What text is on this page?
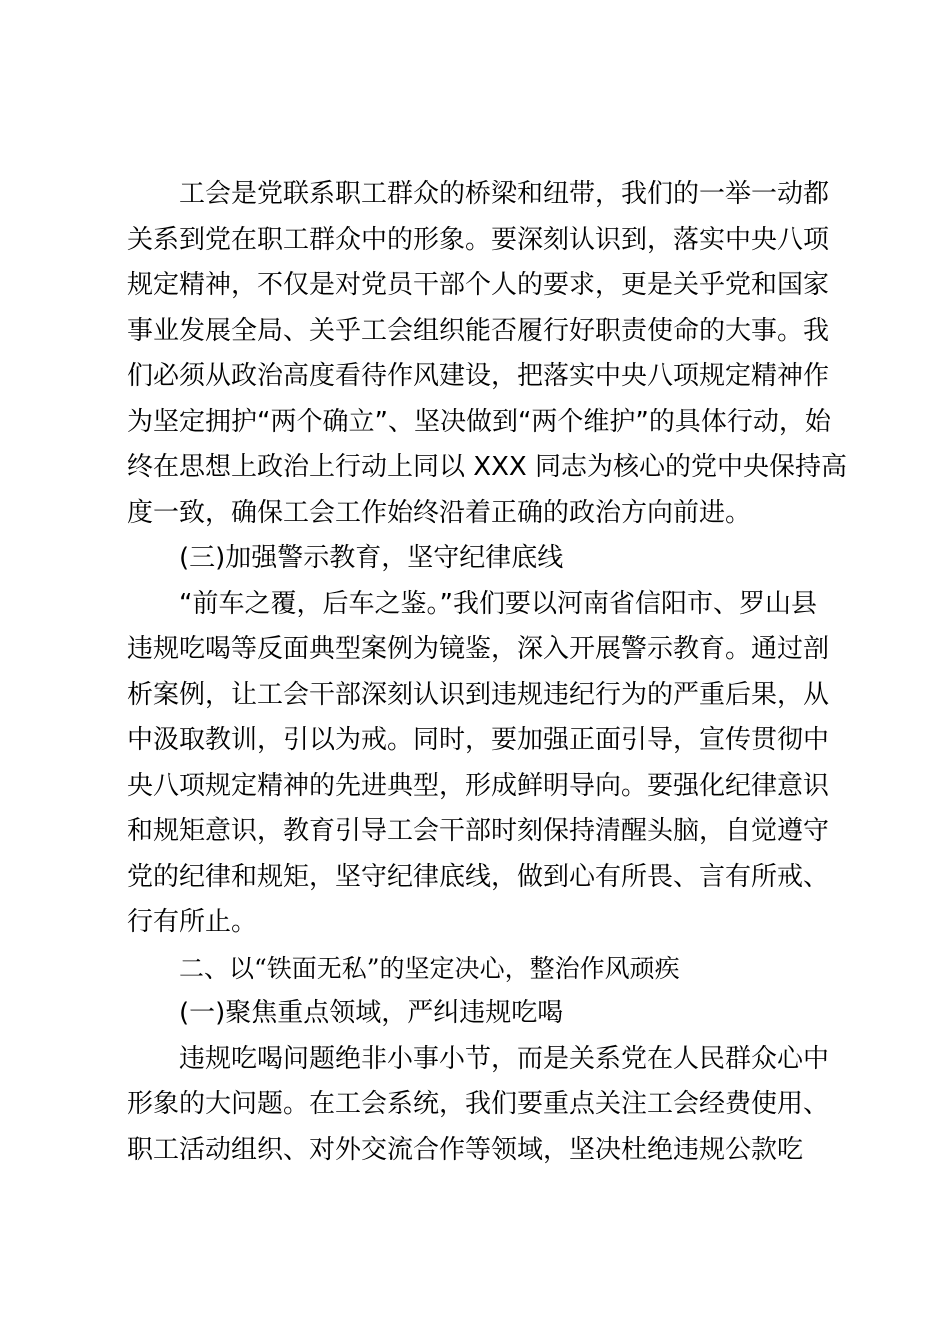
工会是党联系职工群众的桥梁和纽带，我们的一举一动都
关系到党在职工群众中的形象。要深刻认识到，落实中央八项
规定精神，不仅是对党员干部个人的要求，更是关乎党和国家
事业发展全局、关乎工会组织能否履行好职责使命的大事。我
们必须从政治高度看待作风建设，把落实中央八项规定精神作
为坚定拥护“两个确立”、坚决做到“两个维护”的具体行动，始
终在思想上政治上行动上同以 XXX 同志为核心的党中央保持高
度一致，确保工会工作始终沿着正确的政治方向前进。
(三)加强警示教育，坚守纪律底线
“前车之覆，后车之鉴。”我们要以河南省信阳市、罗山县
违规吃喝等反面典型案例为镜鉴，深入开展警示教育。通过剖
析案例，让工会干部深刻认识到违规违纪行为的严重后果，从
中汲取教训，引以为戒。同时，要加强正面引导，宣传贯彻中
央八项规定精神的先进典型，形成鲜明导向。要强化纪律意识
和规矩意识，教育引导工会干部时刻保持清醒头脑，自觉遵守
党的纪律和规矩，坚守纪律底线，做到心有所畏、言有所戒、
行有所止。
二、以“铁面无私”的坚定决心，整治作风顽疾
(一)聚焦重点领域，严纠违规吃喝
违规吃喝问题绝非小事小节，而是关系党在人民群众心中
形象的大问题。在工会系统，我们要重点关注工会经费使用、
职工活动组织、对外交流合作等领域，坚决杜绝违规公款吃
